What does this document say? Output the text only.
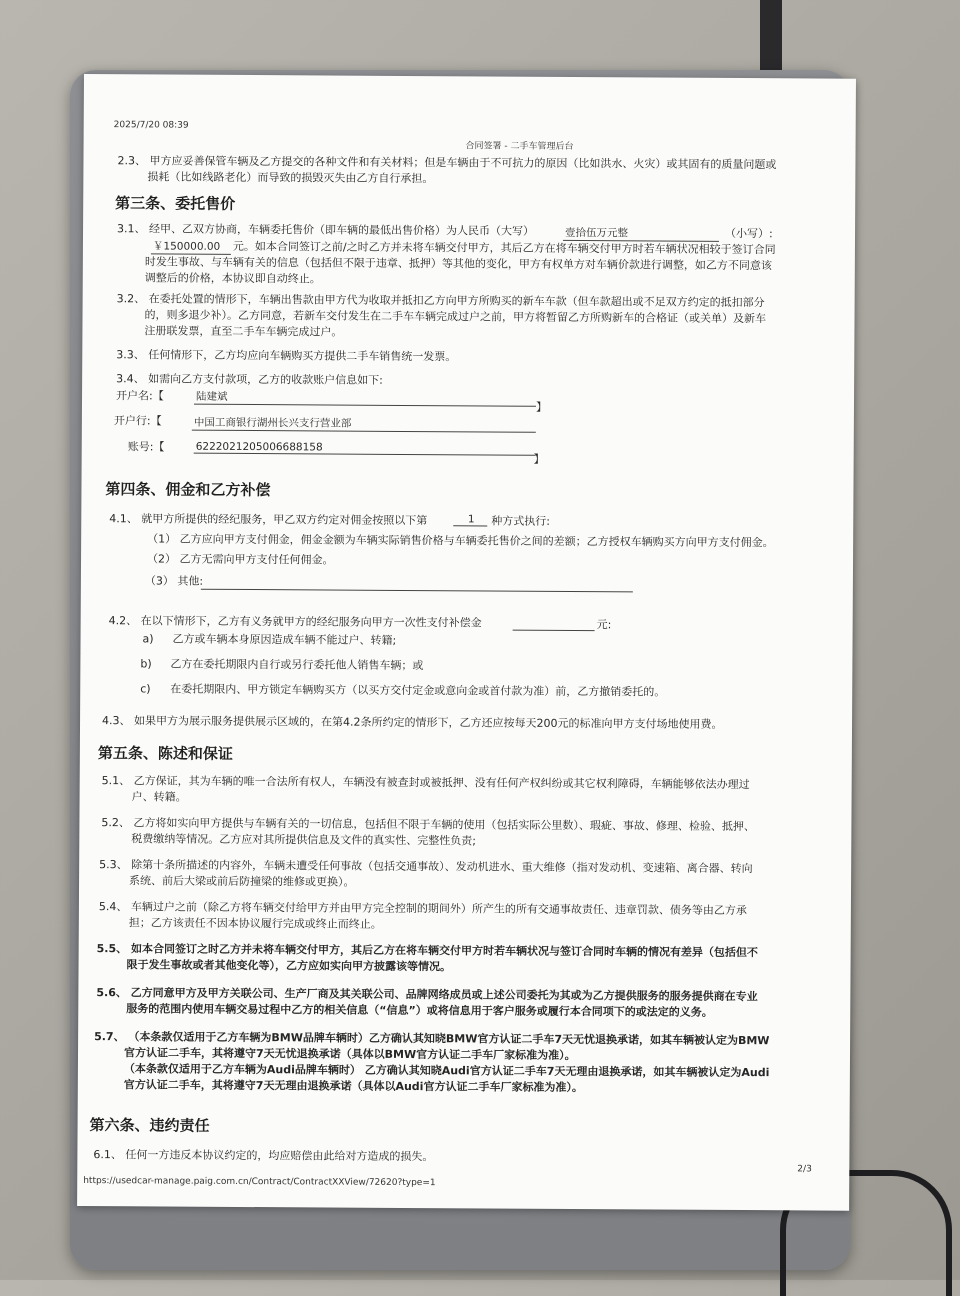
2025/7/20 08:39
合同签署 - 二手车管理后台
2.3、 甲方应妥善保管车辆及乙方提交的各种文件和有关材料；但是车辆由于不可抗力的原因（比如洪水、火灾）或其固有的质量问题或
损耗（比如线路老化）而导致的损毁灭失由乙方自行承担。
第三条、委托售价
3.1、 经甲、乙双方协商，车辆委托售价（即车辆的最低出售价格）为人民币（大写）	壹拾伍万元整	（小写）:
￥150000.00	元。如本合同签订之前/之时乙方并未将车辆交付甲方，其后乙方在将车辆交付甲方时若车辆状况相较于签订合同
时发生事故、与车辆有关的信息（包括但不限于违章、抵押）等其他的变化，甲方有权单方对车辆价款进行调整，如乙方不同意该
调整后的价格，本协议即自动终止。
3.2、 在委托处置的情形下，车辆出售款由甲方代为收取并抵扣乙方向甲方所购买的新车车款（但车款超出或不足双方约定的抵扣部分
的，则多退少补）。乙方同意，若新车交付发生在二手车车辆完成过户之前，甲方将暂留乙方所购新车的合格证（或关单）及新车
注册联发票，直至二手车车辆完成过户。
3.3、 任何情形下，乙方均应向车辆购买方提供二手车销售统一发票。
3.4、 如需向乙方支付款项，乙方的收款账户信息如下:
开户名:【	陆建斌
】
开户行:【	中国工商银行湖州长兴支行营业部
账号:【	6222021205006688158
】
第四条、佣金和乙方补偿
4.1、 就甲方所提供的经纪服务，甲乙双方约定对佣金按照以下第	1	种方式执行:
（1） 乙方应向甲方支付佣金，佣金金额为车辆实际销售价格与车辆委托售价之间的差额；乙方授权车辆购买方向甲方支付佣金。
（2） 乙方无需向甲方支付任何佣金。
（3） 其他:
4.2、 在以下情形下，乙方有义务就甲方的经纪服务向甲方一次性支付补偿金	元:
a) 乙方或车辆本身原因造成车辆不能过户、转籍;
b) 乙方在委托期限内自行或另行委托他人销售车辆；或
c) 在委托期限内、甲方锁定车辆购买方（以买方交付定金或意向金或首付款为准）前，乙方撤销委托的。
4.3、 如果甲方为展示服务提供展示区域的，在第4.2条所约定的情形下，乙方还应按每天200元的标准向甲方支付场地使用费。
第五条、陈述和保证
5.1、 乙方保证，其为车辆的唯一合法所有权人，车辆没有被查封或被抵押、没有任何产权纠纷或其它权利障碍，车辆能够依法办理过
户、转籍。
5.2、 乙方将如实向甲方提供与车辆有关的一切信息，包括但不限于车辆的使用（包括实际公里数）、瑕疵、事故、修理、检验、抵押、
税费缴纳等情况。乙方应对其所提供信息及文件的真实性、完整性负责;
5.3、 除第十条所描述的内容外，车辆未遭受任何事故（包括交通事故）、发动机进水、重大维修（指对发动机、变速箱、离合器、转向
系统、前后大梁或前后防撞梁的维修或更换）。
5.4、 车辆过户之前（除乙方将车辆交付给甲方并由甲方完全控制的期间外）所产生的所有交通事故责任、违章罚款、债务等由乙方承
担；乙方该责任不因本协议履行完成或终止而终止。
5.5、 如本合同签订之时乙方并未将车辆交付甲方，其后乙方在将车辆交付甲方时若车辆状况与签订合同时车辆的情况有差异（包括但不
限于发生事故或者其他变化等），乙方应如实向甲方披露该等情况。
5.6、 乙方同意甲方及甲方关联公司、生产厂商及其关联公司、品牌网络成员或上述公司委托为其或为乙方提供服务的服务提供商在专业
服务的范围内使用车辆交易过程中乙方的相关信息（“信息”）或将信息用于客户服务或履行本合同项下的或法定的义务。
5.7、 （本条款仅适用于乙方车辆为BMW品牌车辆时）乙方确认其知晓BMW官方认证二手车7天无忧退换承诺，如其车辆被认定为BMW
官方认证二手车，其将遵守7天无忧退换承诺（具体以BMW官方认证二手车厂家标准为准）。
（本条款仅适用于乙方车辆为Audi品牌车辆时） 乙方确认其知晓Audi官方认证二手车7天无理由退换承诺，如其车辆被认定为Audi
官方认证二手车，其将遵守7天无理由退换承诺（具体以Audi官方认证二手车厂家标准为准）。
第六条、违约责任
6.1、 任何一方违反本协议约定的，均应赔偿由此给对方造成的损失。
2/3
https://usedcar-manage.paig.com.cn/Contract/ContractXXView/72620?type=1
